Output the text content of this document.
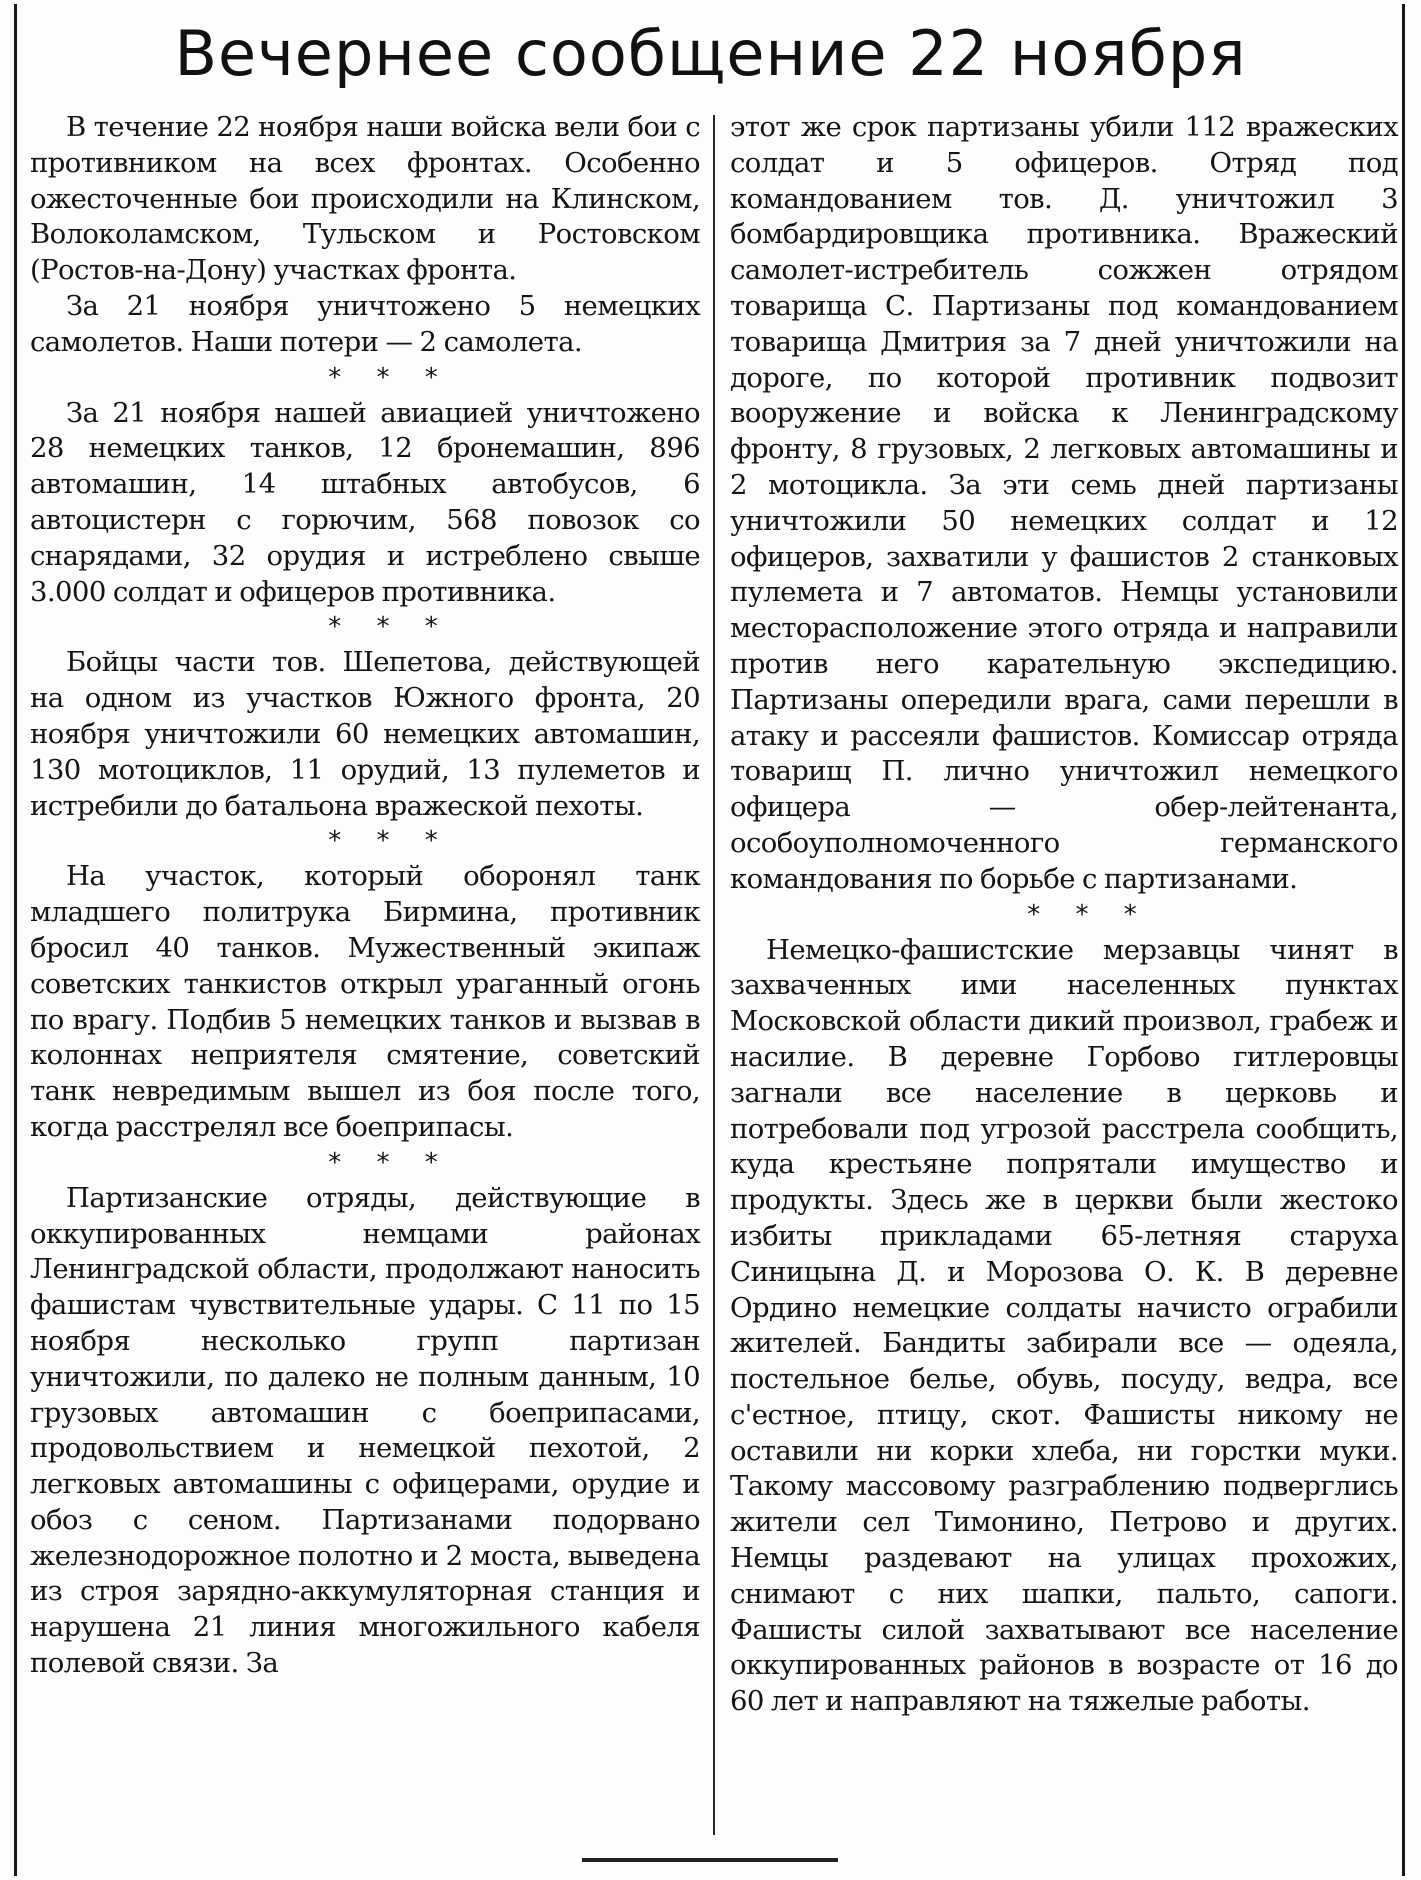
Вечернее сообщение 22 ноября

В течение 22 ноября наши войска вели бои с противником на всех фронтах. Особенно ожесточенные бои происходили на Клинском, Волоколамском, Тульском и Ростовском (Ростов-на-Дону) участках фронта.

За 21 ноября уничтожено 5 немецких самолетов. Наши потери — 2 самолета.

* * *

За 21 ноября нашей авиацией уничтожено 28 немецких танков, 12 бронемашин, 896 автомашин, 14 штабных автобусов, 6 автоцистерн с горючим, 568 повозок со снарядами, 32 орудия и истреблено свыше 3.000 солдат и офицеров противника.

* * *

Бойцы части тов. Шепетова, действующей на одном из участков Южного фронта, 20 ноября уничтожили 60 немецких автомашин, 130 мотоциклов, 11 орудий, 13 пулеметов и истребили до батальона вражеской пехоты.

* * *

На участок, который оборонял танк младшего политрука Бирмина, противник бросил 40 танков. Мужественный экипаж советских танкистов открыл ураганный огонь по врагу. Подбив 5 немецких танков и вызвав в колоннах неприятеля смятение, советский танк невредимым вышел из боя после того, когда расстрелял все боеприпасы.

* * *

Партизанские отряды, действующие в оккупированных немцами районах Ленинградской области, продолжают наносить фашистам чувствительные удары. С 11 по 15 ноября несколько групп партизан уничтожили, по далеко не полным данным, 10 грузовых автомашин с боеприпасами, продовольствием и немецкой пехотой, 2 легковых автомашины с офицерами, орудие и обоз с сеном. Партизанами подорвано железнодорожное полотно и 2 моста, выведена из строя зарядно-аккумуляторная станция и нарушена 21 линия многожильного кабеля полевой связи. За

этот же срок партизаны убили 112 вражеских солдат и 5 офицеров. Отряд под командованием тов. Д. уничтожил 3 бомбардировщика противника. Вражеский самолет-истребитель сожжен отрядом товарища С. Партизаны под командованием товарища Дмитрия за 7 дней уничтожили на дороге, по которой противник подвозит вооружение и войска к Ленинградскому фронту, 8 грузовых, 2 легковых автомашины и 2 мотоцикла. За эти семь дней партизаны уничтожили 50 немецких солдат и 12 офицеров, захватили у фашистов 2 станковых пулемета и 7 автоматов. Немцы установили месторасположение этого отряда и направили против него карательную экспедицию. Партизаны опередили врага, сами перешли в атаку и рассеяли фашистов. Комиссар отряда товарищ П. лично уничтожил немецкого офицера — обер-лейтенанта, особоуполномоченного германского командования по борьбе с партизанами.

* * *

Немецко-фашистские мерзавцы чинят в захваченных ими населенных пунктах Московской области дикий произвол, грабеж и насилие. В деревне Горбово гитлеровцы загнали все население в церковь и потребовали под угрозой расстрела сообщить, куда крестьяне попрятали имущество и продукты. Здесь же в церкви были жестоко избиты прикладами 65-летняя старуха Синицына Д. и Морозова О. К. В деревне Ордино немецкие солдаты начисто ограбили жителей. Бандиты забирали все — одеяла, постельное белье, обувь, посуду, ведра, все с'естное, птицу, скот. Фашисты никому не оставили ни корки хлеба, ни горстки муки. Такому массовому разграблению подверглись жители сел Тимонино, Петрово и других. Немцы раздевают на улицах прохожих, снимают с них шапки, пальто, сапоги. Фашисты силой захватывают все население оккупированных районов в возрасте от 16 до 60 лет и направляют на тяжелые работы.
